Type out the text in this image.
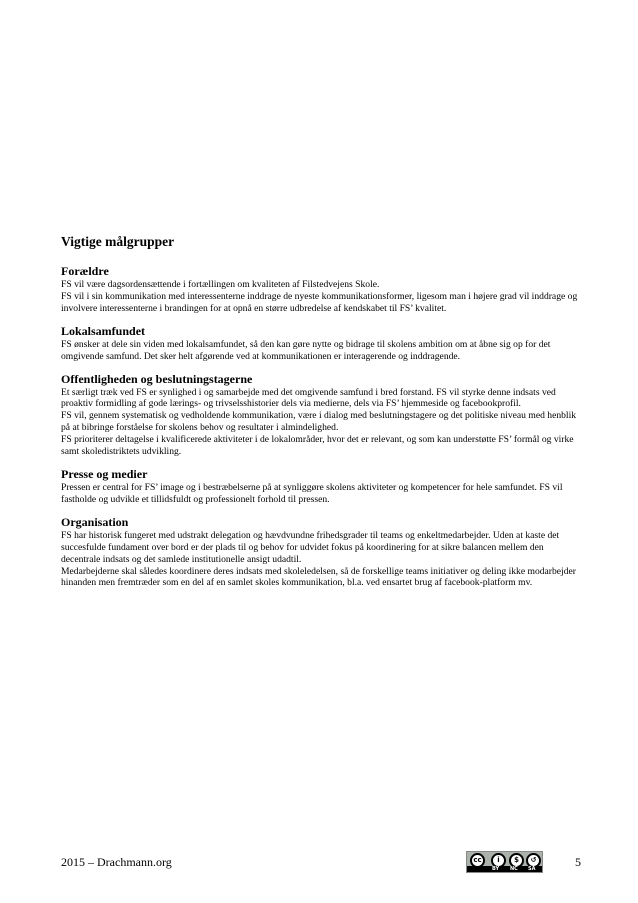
Vigtige målgrupper
Forældre

FS vil være dagsordensættende i fortællingen om kvaliteten af Filstedvejens Skole.

FS vil i sin kommunikation med interessenterne inddrage de nyeste kommunikationsformer, ligesom man i højere grad vil inddrage og involvere interessenterne i brandingen for at opnå en større udbredelse af kendskabet til FS’ kvalitet.

Lokalsamfundet

FS ønsker at dele sin viden med lokalsamfundet, så den kan gøre nytte og bidrage til skolens ambition om at åbne sig op for det omgivende samfund. Det sker helt afgørende ved at kommunikationen er interagerende og inddragende.

Offentligheden og beslutningstagerne

Et særligt træk ved FS er synlighed i og samarbejde med det omgivende samfund i bred forstand. FS vil styrke denne indsats ved proaktiv formidling af gode lærings- og trivselsshistorier dels via medierne, dels via FS’ hjemmeside og facebookprofil.

FS vil, gennem systematisk og vedholdende kommunikation, være i dialog med beslutningstagere og det politiske niveau med henblik på at bibringe forståelse for skolens behov og resultater i almindelighed.

FS prioriterer deltagelse i kvalificerede aktiviteter i de lokalområder, hvor det er relevant, og som kan understøtte FS’ formål og virke samt skoledistriktets udvikling.

Presse og medier

Pressen er central for FS’ image og i bestræbelserne på at synliggøre skolens aktiviteter og kompetencer for hele samfundet. FS vil fastholde og udvikle et tillidsfuldt og professionelt forhold til pressen.

Organisation

FS har historisk fungeret med udstrakt delegation og hævdvundne frihedsgrader til teams og enkeltmedarbejder. Uden at kaste det succesfulde fundament over bord er der plads til og behov for udvidet fokus på koordinering for at sikre balancen mellem den decentrale indsats og det samlede institutionelle ansigt udadtil.

Medarbejderne skal således koordinere deres indsats med skoleledelsen, så de forskellige teams initiativer og deling ikke modarbejder hinanden men fremtræder som en del af en samlet skoles kommunikation, bl.a. ved ensartet brug af facebook-platform mv.

2015 – Drachmann.org	cc	i	$	↺
BY NC SA	5
